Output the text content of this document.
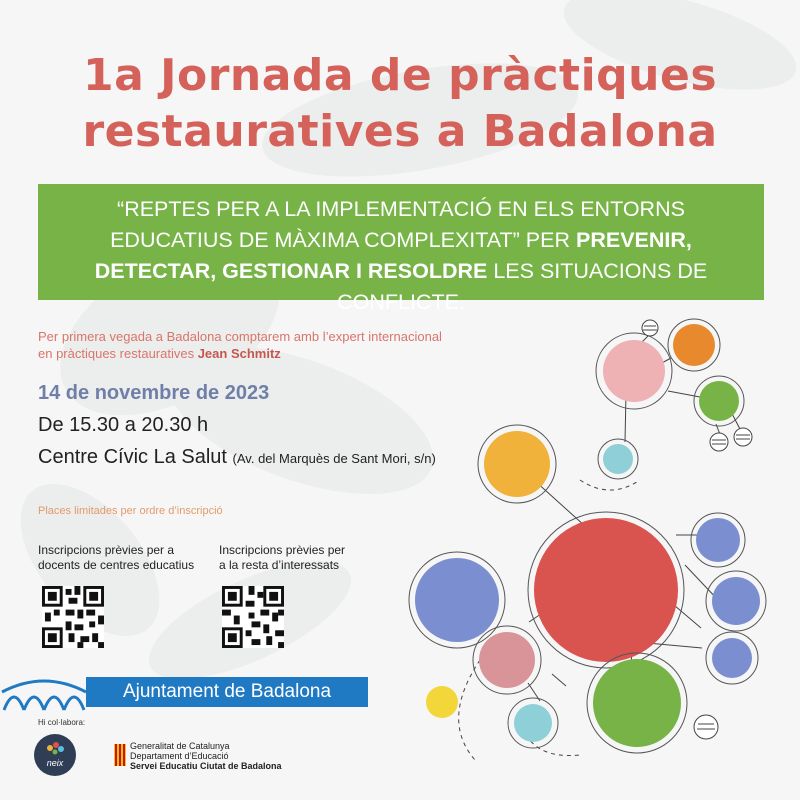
1a Jornada de pràctiques
restauratives a Badalona
“REPTES PER A LA IMPLEMENTACIÓ EN ELS ENTORNS EDUCATIUS DE MÀXIMA COMPLEXITAT” PER PREVENIR, DETECTAR, GESTIONAR I RESOLDRE LES SITUACIONS DE CONFLICTE.
Per primera vegada a Badalona comptarem amb l’expert internacional en pràctiques restauratives Jean Schmitz
14 de novembre de 2023
De 15.30 a 20.30 h
Centre Cívic La Salut (Av. del Marquès de Sant Mori, s/n)
Places limitades per ordre d’inscripció
Inscripcions prèvies per a
docents de centres educatius
Inscripcions prèvies per
a la resta d’interessats
Ajuntament de Badalona
Hi col·labora:
neix
Generalitat de Catalunya
Departament d’Educació
Servei Educatiu Ciutat de Badalona
